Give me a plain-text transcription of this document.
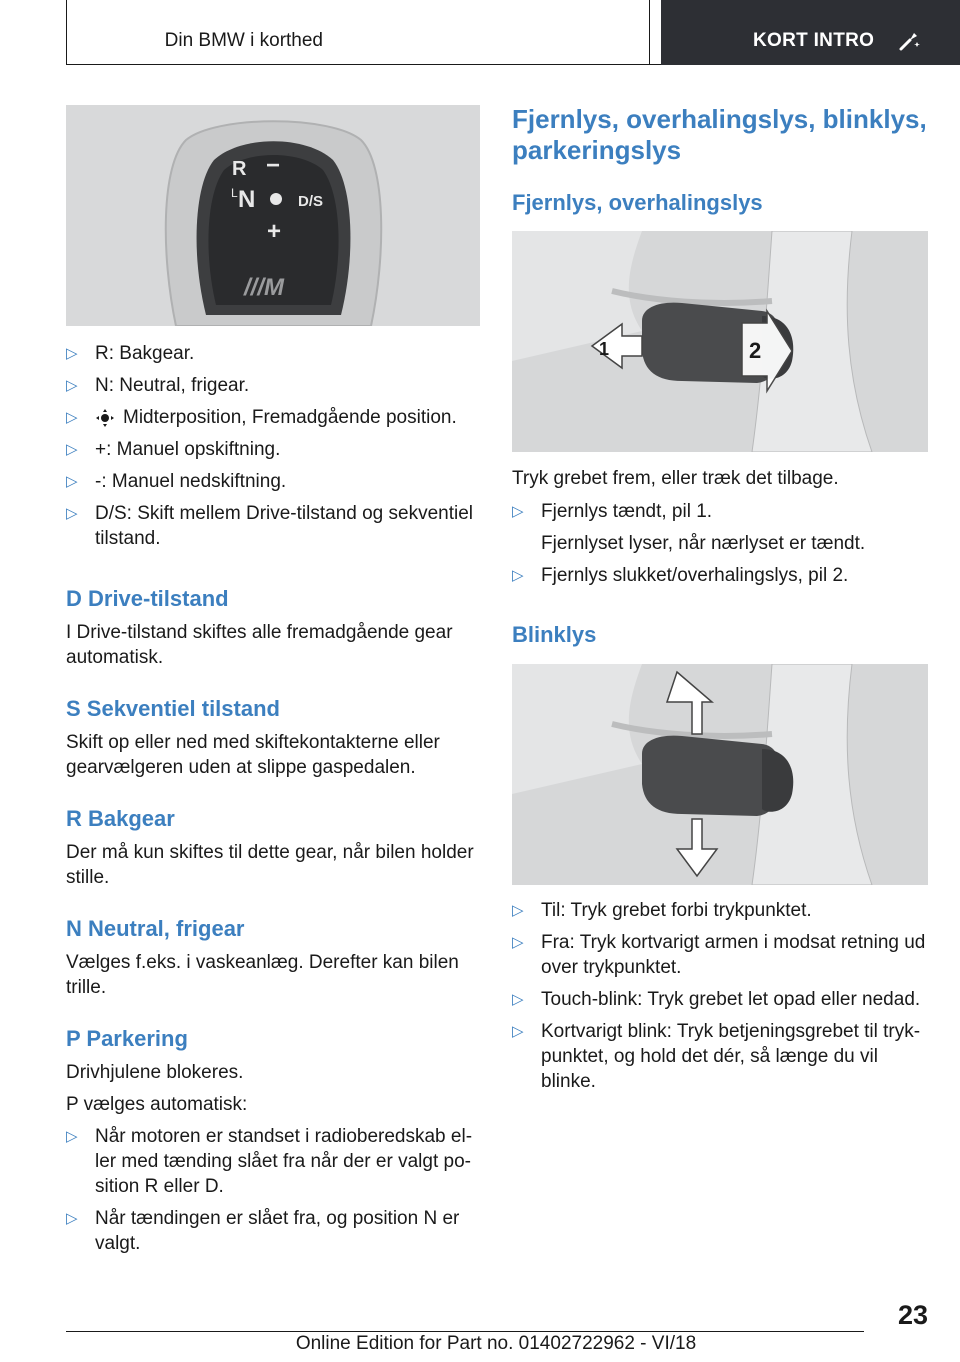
Din BMW i korthed	KORT INTRO
R −
L N	D/S
+
///M
▷ R: Bakgear.
▷ N: Neutral, frigear.
▷ Midterposition, Fremadgående position.
▷ +: Manuel opskiftning.
▷ -: Manuel nedskiftning.
▷ D/S: Skift mellem Drive-tilstand og sekventiel
tilstand.
D Drive-tilstand
I Drive-tilstand skiftes alle fremadgående gear
automatisk.
S Sekventiel tilstand
Skift op eller ned med skiftekontakterne eller
gearvælgeren uden at slippe gaspedalen.
R Bakgear
Der må kun skiftes til dette gear, når bilen holder
stille.
N Neutral, frigear
Vælges f.eks. i vaskeanlæg. Derefter kan bilen
trille.
P Parkering
Drivhjulene blokeres.
P vælges automatisk:
▷ Når motoren er standset i radioberedskab el-
ler med tænding slået fra når der er valgt po-
sition R eller D.
▷ Når tændingen er slået fra, og position N er
valgt.
Fjernlys, overhalingslys, blinklys,
parkeringslys
Fjernlys, overhalingslys
1	2
Tryk grebet frem, eller træk det tilbage.
▷ Fjernlys tændt, pil 1.
Fjernlyset lyser, når nærlyset er tændt.
▷ Fjernlys slukket/overhalingslys, pil 2.
Blinklys
▷ Til: Tryk grebet forbi trykpunktet.
▷ Fra: Tryk kortvarigt armen i modsat retning ud
over trykpunktet.
▷ Touch-blink: Tryk grebet let opad eller nedad.
▷ Kortvarigt blink: Tryk betjeningsgrebet til tryk-
punktet, og hold det dér, så længe du vil
blinke.
23
Online Edition for Part no. 01402722962 - VI/18
